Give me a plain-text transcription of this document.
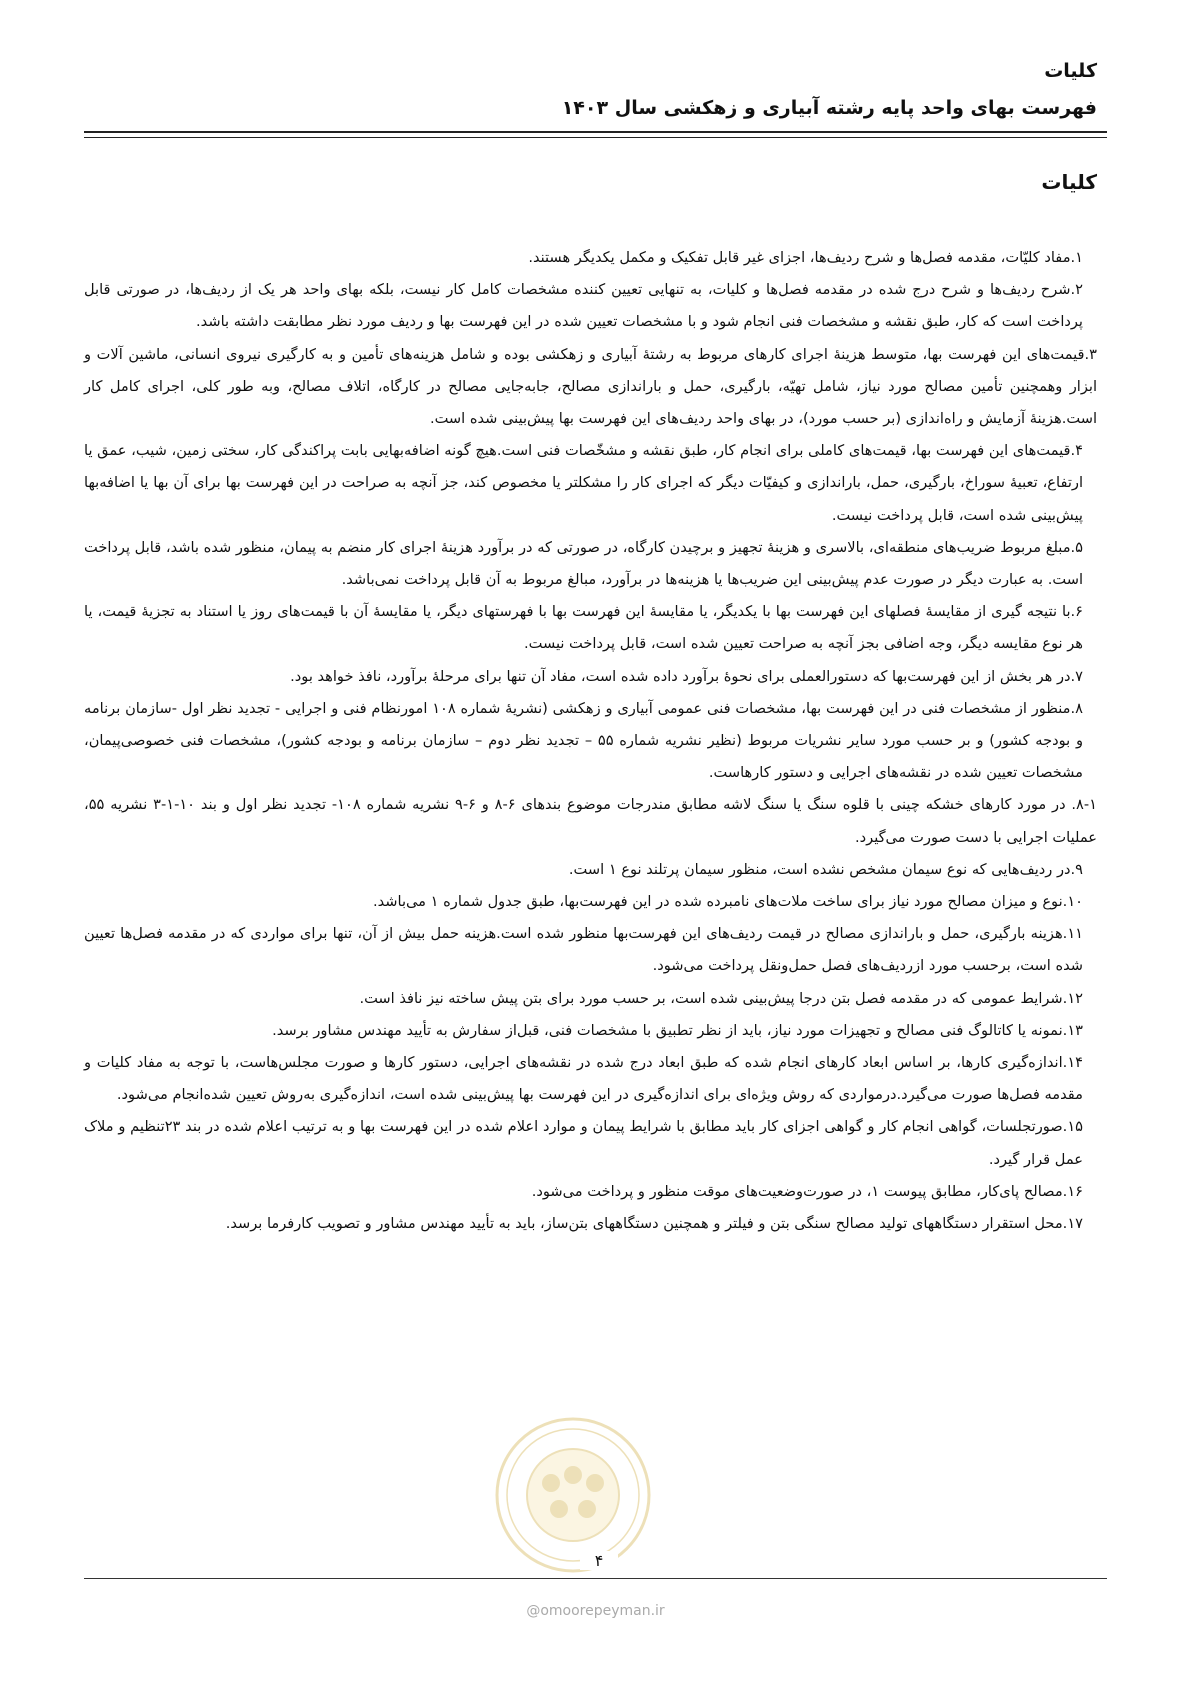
کلیات
فهرست بهای واحد پایه رشته آبیاری و زهکشی سال ۱۴۰۳
کلیات

۱.مفاد کلیّات، مقدمه فصل‌ها و شرح ردیف‌ها، اجزای غیر قابل تفکیک و مکمل یکدیگر هستند.

۲.شرح ردیف‌ها و شرح درج شده در مقدمه فصل‌ها و کلیات، به تنهایی تعیین کننده مشخصات کامل کار نیست، بلکه بهای واحد هر یک از ردیف‌ها، در صورتی قابل پرداخت است که کار، طبق نقشه و مشخصات فنی انجام شود و با مشخصات تعیین شده در این فهرست بها و ردیف مورد نظر مطابقت داشته باشد.

۳.قیمت‌های این فهرست بها، متوسط هزینهٔ اجرای کارهای مربوط به رشتهٔ آبیاری و زهکشی بوده و شامل هزینه‌های تأمین و به کارگیری نیروی انسانی، ماشین آلات و ابزار وهمچنین تأمین مصالح مورد نیاز، شامل تهیّه، بارگیری، حمل و باراندازی مصالح، جابه‌جایی مصالح در کارگاه، اتلاف مصالح، وبه طور کلی، اجرای کامل کار است.هزینهٔ آزمایش و راه‌اندازی (بر حسب مورد)، در بهای واحد ردیف‌های این فهرست بها پیش‌بینی شده است.

۴.قیمت‌های این فهرست بها، قیمت‌های کاملی برای انجام کار، طبق نقشه و مشخّصات فنی است.هیچ گونه اضافه‌بهایی بابت پراکندگی کار، سختی زمین، شیب، عمق یا ارتفاع، تعبیهٔ سوراخ، بارگیری، حمل، باراندازی و کیفیّات دیگر که اجرای کار را مشکلتر یا مخصوص کند، جز آنچه به صراحت در این فهرست بها برای آن بها یا اضافه‌بها پیش‌بینی شده است، قابل پرداخت نیست.

۵.مبلغ مربوط ضریب‌های منطقه‌ای، بالاسری و هزینهٔ تجهیز و برچیدن کارگاه، در صورتی که در برآورد هزینهٔ اجرای کار منضم به پیمان، منظور شده باشد، قابل پرداخت است. به عبارت دیگر در صورت عدم پیش‌بینی این ضریب‌ها یا هزینه‌ها در برآورد، مبالغ مربوط به آن قابل پرداخت نمی‌باشد.

۶.با نتیجه گیری از مقایسهٔ فصلهای این فهرست بها با یکدیگر، یا مقایسهٔ این فهرست بها با فهرستهای دیگر، یا مقایسهٔ آن با قیمت‌های روز یا استناد به تجزیهٔ قیمت، یا هر نوع مقایسه دیگر، وجه اضافی بجز آنچه به صراحت تعیین شده است، قابل پرداخت نیست.

۷.در هر بخش از این فهرست‌بها که دستورالعملی برای نحوهٔ برآورد داده شده است، مفاد آن تنها برای مرحلهٔ برآورد، نافذ خواهد بود.

۸.منظور از مشخصات فنی در این فهرست بها، مشخصات فنی عمومی آبیاری و زهکشی (نشریهٔ شماره ۱۰۸ امورنظام فنی و اجرایی - تجدید نظر اول -سازمان برنامه و بودجه کشور) و بر حسب مورد سایر نشریات مربوط (نظیر نشریه شماره ۵۵ – تجدید نظر دوم – سازمان برنامه و بودجه کشور)، مشخصات فنی خصوصی‌پیمان، مشخصات تعیین شده در نقشه‌های اجرایی و دستور کارهاست.

۸-۱. در مورد کارهای خشکه چینی با قلوه سنگ یا سنگ لاشه مطابق مندرجات موضوع بندهای ۶-۸ و ۶-۹ نشریه شماره ۱۰۸- تجدید نظر اول و بند ۱۰-۱-۳ نشریه ۵۵، عملیات اجرایی با دست صورت می‌گیرد.

۹.در ردیف‌هایی که نوع سیمان مشخص نشده است، منظور سیمان پرتلند نوع ۱ است.

۱۰.نوع و میزان مصالح مورد نیاز برای ساخت ملات‌های نامبرده شده در این فهرست‌بها، طبق جدول شماره ۱ می‌باشد.

۱۱.هزینه بارگیری، حمل و باراندازی مصالح در قیمت ردیف‌های این فهرست‌بها منظور شده است.هزینه حمل بیش از آن، تنها برای مواردی که در مقدمه فصل‌ها تعیین شده است، برحسب مورد ازردیف‌های فصل حمل‌ونقل پرداخت می‌شود.

۱۲.شرایط عمومی که در مقدمه فصل بتن درجا پیش‌بینی شده است، بر حسب مورد برای بتن پیش ساخته نیز نافذ است.

۱۳.نمونه یا کاتالوگ فنی مصالح و تجهیزات مورد نیاز، باید از نظر تطبیق با مشخصات فنی، قبل‌از سفارش به تأیید مهندس مشاور برسد.

۱۴.اندازه‌گیری کارها، بر اساس ابعاد کارهای انجام شده که طبق ابعاد درج شده در نقشه‌های اجرایی، دستور کارها و صورت مجلس‌هاست، با توجه به مفاد کلیات و مقدمه فصل‌ها صورت می‌گیرد.درمواردی که روش ویژه‌ای برای اندازه‌گیری در این فهرست بها پیش‌بینی شده است، اندازه‌گیری به‌روش تعیین شده‌انجام می‌شود.

۱۵.صورتجلسات، گواهی انجام کار و گواهی اجزای کار باید مطابق با شرایط پیمان و موارد اعلام شده در این فهرست بها و به ترتیب اعلام شده در بند ۲۳تنظیم و ملاک عمل قرار گیرد.

۱۶.مصالح پای‌کار، مطابق پیوست ۱، در صورت‌وضعیت‌های موقت منظور و پرداخت می‌شود.

۱۷.محل استقرار دستگاههای تولید مصالح سنگی بتن و فیلتر و همچنین دستگاههای بتن‌ساز، باید به تأیید مهندس مشاور و تصویب کارفرما برسد.

۴
@omoorepeyman.ir
